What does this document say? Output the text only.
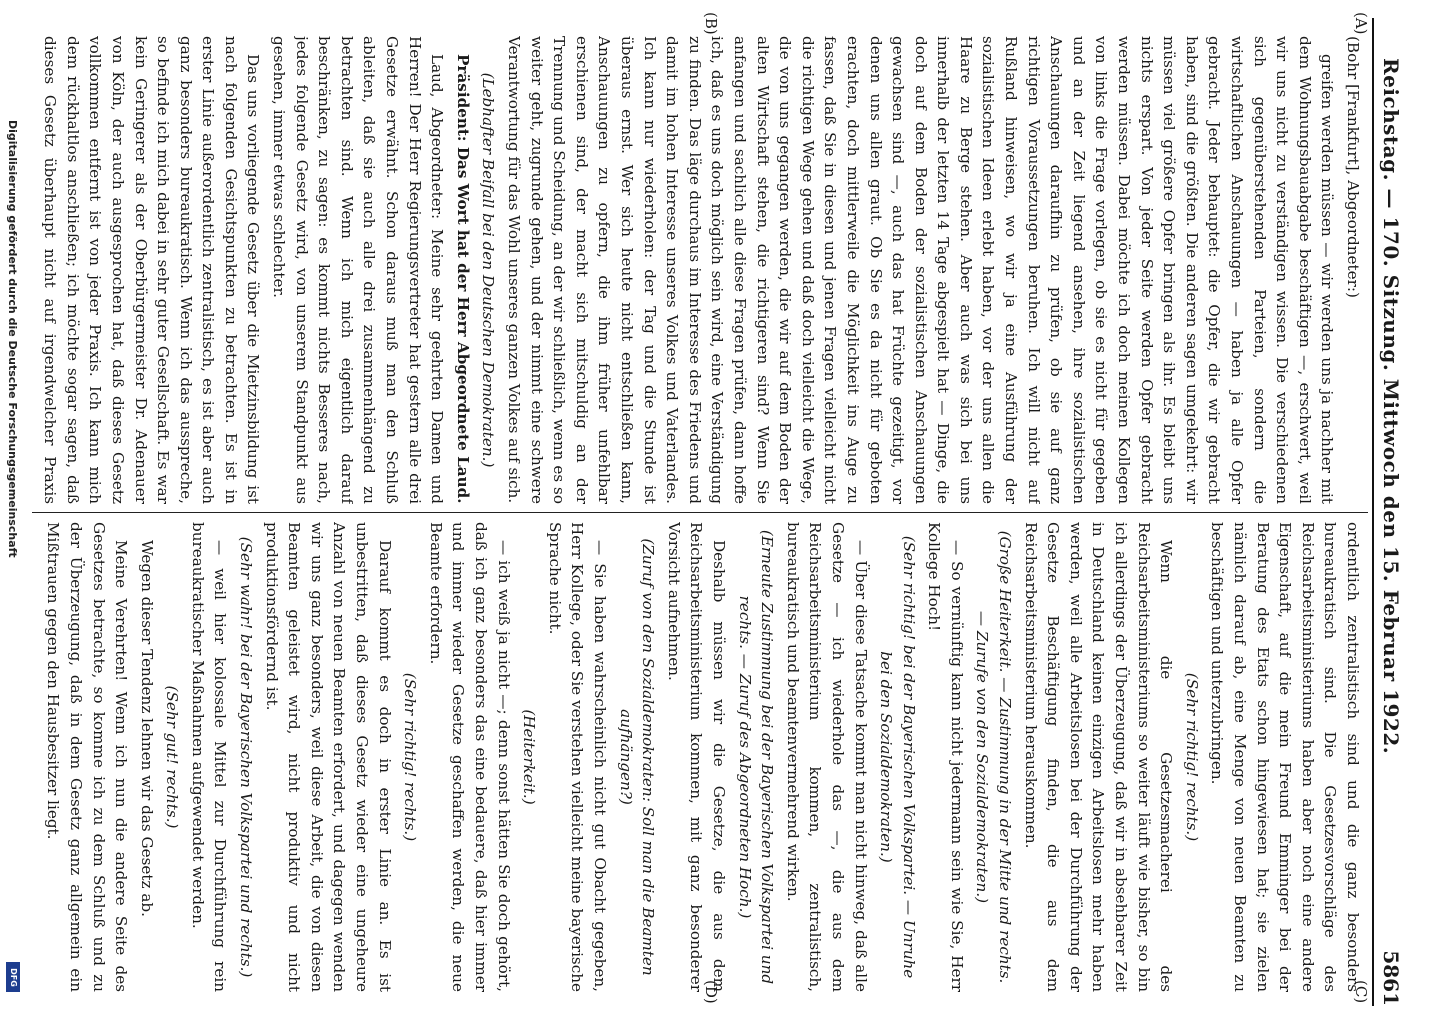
Digitalisierung gefördert durch die Deutsche Forschungsgemeinschaft
DFG
Reichstag. — 170. Sitzung. Mittwoch den 15. Februar 1922.
5861
(A)
(B)
(C)
(D)

(Bohr [Frankfurt], Abgeordneter:)

greifen werden müssen — wir werden uns ja nachher mit dem Wohnungsbauabgabe beschäftigen —, erschwert, weil wir uns nicht zu verständigen wissen. Die verschiedenen sich gegenüberstehenden Parteien, sondern die wirtschaftlichen Anschauungen — haben ja alle Opfer gebracht. Jeder behauptet: die Opfer, die wir gebracht haben, sind die größten. Die anderen sagen umgekehrt: wir müssen viel größere Opfer bringen als ihr. Es bleibt uns nichts erspart. Von jeder Seite werden Opfer gebracht werden müssen. Dabei möchte ich doch meinen Kollegen von links die Frage vorlegen, ob sie es nicht für gegeben und an der Zeit liegend ansehen, ihre sozialistischen Anschauungen daraufhin zu prüfen, ob sie auf ganz richtigen Voraussetzungen beruhen. Ich will nicht auf Rußland hinweisen, wo wir ja eine Ausführung der sozialistischen Ideen erlebt haben, vor der uns allen die Haare zu Berge stehen. Aber auch was sich bei uns innerhalb der letzten 14 Tage abgespielt hat — Dinge, die doch auf dem Boden der sozialistischen Anschauungen gewachsen sind —, auch das hat Früchte gezeitigt, vor denen uns allen graut. Ob Sie es da nicht für geboten erachten, doch mittlerweile die Möglichkeit ins Auge zu fassen, daß Sie in diesen und jenen Fragen vielleicht nicht die richtigen Wege gehen und daß doch vielleicht die Wege, die von uns gegangen werden, die wir auf dem Boden der alten Wirtschaft stehen, die richtigeren sind? Wenn Sie anfangen und sachlich alle diese Fragen prüfen, dann hoffe ich, daß es uns doch möglich sein wird, eine Verständigung zu finden. Das läge durchaus im Interesse des Friedens und damit im hohen Interesse unseres Volkes und Vaterlandes. Ich kann nur wiederholen: der Tag und die Stunde ist überaus ernst. Wer sich heute nicht entschließen kann, Anschauungen zu opfern, die ihm früher unfehlbar erschienen sind, der macht sich mitschuldig an der Trennung und Scheidung, an der wir schließlich, wenn es so weiter geht, zugrunde gehen, und der nimmt eine schwere Verantwortung für das Wohl unseres ganzen Volkes auf sich.

(Lebhafter Beifall bei den Deutschen Demokraten.)

Präsident: Das Wort hat der Herr Abgeordnete Laud.

Laud, Abgeordneter: Meine sehr geehrten Damen und Herren! Der Herr Regierungsvertreter hat gestern alle drei Gesetze erwähnt. Schon daraus muß man den Schluß ableiten, daß sie auch alle drei zusammenhängend zu betrachten sind. Wenn ich mich eigentlich darauf beschränken, zu sagen: es kommt nichts Besseres nach, jedes folgende Gesetz wird, von unserem Standpunkt aus gesehen, immer etwas schlechter.

Das uns vorliegende Gesetz über die Mietzinsbildung ist nach folgenden Gesichtspunkten zu betrachten. Es ist in erster Linie außerordentlich zentralistisch, es ist aber auch ganz besonders bureaukratisch. Wenn ich das ausspreche, so befinde ich mich dabei in sehr guter Gesellschaft. Es war kein Geringerer als der Oberbürgermeister Dr. Adenauer von Köln, der auch ausgesprochen hat, daß dieses Gesetz vollkommen entfernt ist von jeder Praxis. Ich kann mich dem rückhaltlos anschließen; ich möchte sogar sagen, daß dieses Gesetz überhaupt nicht auf irgendwelcher Praxis

ordentlich zentralistisch sind und die ganz besonders bureaukratisch sind. Die Gesetzesvorschläge des Reichsarbeitsministeriums haben aber noch eine andere Eigenschaft, auf die mein Freund Emminger bei der Beratung des Etats schon hingewiesen hat; sie zielen nämlich darauf ab, eine Menge von neuen Beamten zu beschäftigen und unterzubringen.

(Sehr richtig! rechts.)

Wenn die Gesetzesmacherei des Reichsarbeitsministeriums so weiter läuft wie bisher, so bin ich allerdings der Überzeugung, daß wir in absehbarer Zeit in Deutschland keinen einzigen Arbeitslosen mehr haben werden, weil alle Arbeitslosen bei der Durchführung der Gesetze Beschäftigung finden, die aus dem Reichsarbeitsministerium herauskommen.

(Große Heiterkeit. — Zustimmung in der Mitte und rechts. — Zurufe von den Sozialdemokraten.)

— So vernünftig kann nicht jedermann sein wie Sie, Herr Kollege Hoch!

(Sehr richtig! bei der Bayerischen Volkspartei. — Unruhe bei den Sozialdemokraten.)

— Über diese Tatsache kommt man nicht hinweg, daß alle Gesetze — ich wiederhole das —, die aus dem Reichsarbeitsministerium kommen, zentralistisch, bureaukratisch und beamtenvermehrend wirken.

(Erneute Zustimmung bei der Bayerischen Volkspartei und rechts. — Zuruf des Abgeordneten Hoch.)

Deshalb müssen wir die Gesetze, die aus dem Reichsarbeitsministerium kommen, mit ganz besonderer Vorsicht aufnehmen.

(Zuruf von den Sozialdemokraten: Soll man die Beamten aufhängen?)

— Sie haben wahrscheinlich nicht gut Obacht gegeben, Herr Kollege, oder Sie verstehen vielleicht meine bayerische Sprache nicht.

(Heiterkeit.)

— ich weiß ja nicht —; denn sonst hätten Sie doch gehört, daß ich ganz besonders das eine bedauere, daß hier immer und immer wieder Gesetze geschaffen werden, die neue Beamte erfordern.

(Sehr richtig! rechts.)

Darauf kommt es doch in erster Linie an. Es ist unbestritten, daß dieses Gesetz wieder eine ungeheure Anzahl von neuen Beamten erfordert, und dagegen wenden wir uns ganz besonders, weil diese Arbeit, die von diesen Beamten geleistet wird, nicht produktiv und nicht produktionsfördernd ist.

(Sehr wahr! bei der Bayerischen Volkspartei und rechts.)

— weil hier kolossale Mittel zur Durchführung rein bureaukratischer Maßnahmen aufgewendet werden.

(Sehr gut! rechts.)

Wegen dieser Tendenz lehnen wir das Gesetz ab.

Meine Verehrten! Wenn ich nun die andere Seite des Gesetzes betrachte, so komme ich zu dem Schluß und zu der Überzeugung, daß in dem Gesetz ganz allgemein ein Mißtrauen gegen den Hausbesitzer liegt.
